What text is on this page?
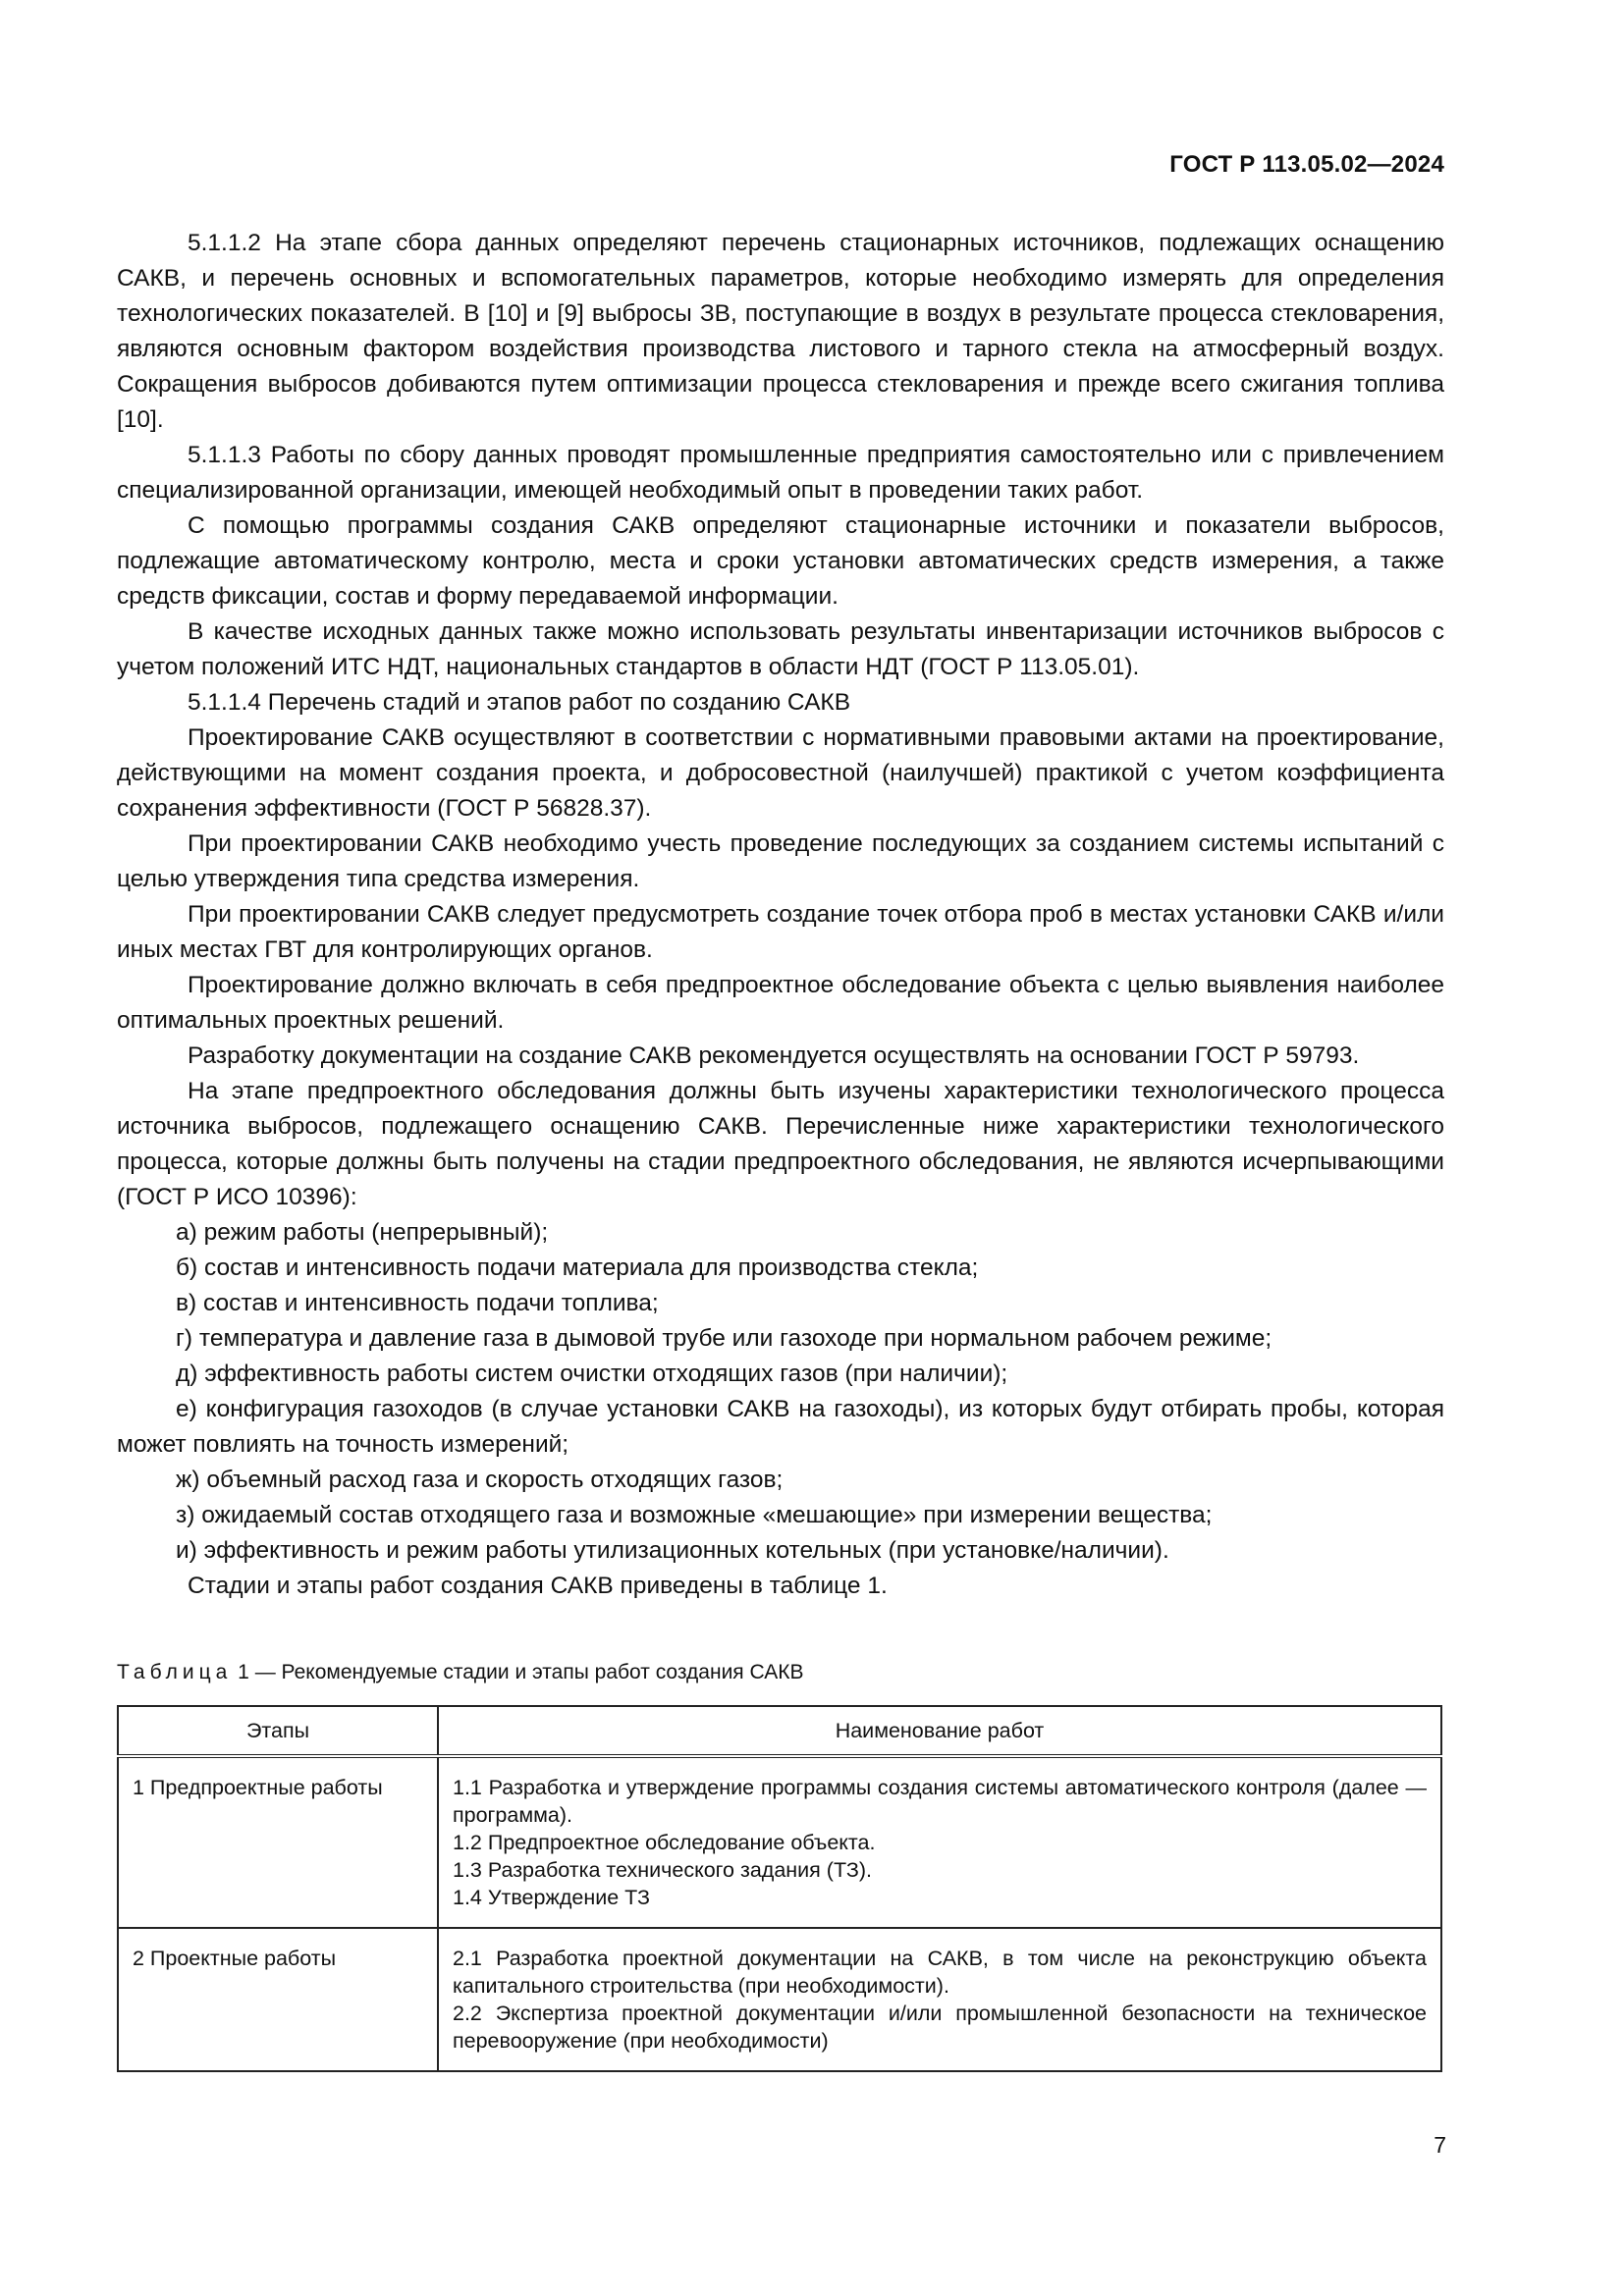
ГОСТ Р 113.05.02—2024

5.1.1.2 На этапе сбора данных определяют перечень стационарных источников, подлежащих оснащению САКВ, и перечень основных и вспомогательных параметров, которые необходимо измерять для определения технологических показателей. В [10] и [9] выбросы ЗВ, поступающие в воздух в результате процесса стекловарения, являются основным фактором воздействия производства листового и тарного стекла на атмосферный воздух. Сокращения выбросов добиваются путем оптимизации процесса стекловарения и прежде всего сжигания топлива [10].

5.1.1.3 Работы по сбору данных проводят промышленные предприятия самостоятельно или с привлечением специализированной организации, имеющей необходимый опыт в проведении таких работ.

С помощью программы создания САКВ определяют стационарные источники и показатели выбросов, подлежащие автоматическому контролю, места и сроки установки автоматических средств измерения, а также средств фиксации, состав и форму передаваемой информации.

В качестве исходных данных также можно использовать результаты инвентаризации источников выбросов с учетом положений ИТС НДТ, национальных стандартов в области НДТ (ГОСТ Р 113.05.01).

5.1.1.4 Перечень стадий и этапов работ по созданию САКВ

Проектирование САКВ осуществляют в соответствии с нормативными правовыми актами на проектирование, действующими на момент создания проекта, и добросовестной (наилучшей) практикой с учетом коэффициента сохранения эффективности (ГОСТ Р 56828.37).

При проектировании САКВ необходимо учесть проведение последующих за созданием системы испытаний с целью утверждения типа средства измерения.

При проектировании САКВ следует предусмотреть создание точек отбора проб в местах установки САКВ и/или иных местах ГВТ для контролирующих органов.

Проектирование должно включать в себя предпроектное обследование объекта с целью выявления наиболее оптимальных проектных решений.

Разработку документации на создание САКВ рекомендуется осуществлять на основании ГОСТ Р 59793.

На этапе предпроектного обследования должны быть изучены характеристики технологического процесса источника выбросов, подлежащего оснащению САКВ. Перечисленные ниже характеристики технологического процесса, которые должны быть получены на стадии предпроектного обследования, не являются исчерпывающими (ГОСТ Р ИСО 10396):

а) режим работы (непрерывный);

б) состав и интенсивность подачи материала для производства стекла;

в) состав и интенсивность подачи топлива;

г) температура и давление газа в дымовой трубе или газоходе при нормальном рабочем режиме;

д) эффективность работы систем очистки отходящих газов (при наличии);

е) конфигурация газоходов (в случае установки САКВ на газоходы), из которых будут отбирать пробы, которая может повлиять на точность измерений;

ж) объемный расход газа и скорость отходящих газов;

з) ожидаемый состав отходящего газа и возможные «мешающие» при измерении вещества;

и) эффективность и режим работы утилизационных котельных (при установке/наличии).

Стадии и этапы работ создания САКВ приведены в таблице 1.

Таблица 1 — Рекомендуемые стадии и этапы работ создания САКВ
Этапы	Наименование работ
1 Предпроектные работы	1.1 Разработка и утверждение программы создания системы автоматического контроля (далее — программа).
1.2 Предпроектное обследование объекта.
1.3 Разработка технического задания (ТЗ).
1.4 Утверждение ТЗ

2 Проектные работы	2.1 Разработка проектной документации на САКВ, в том числе на реконструкцию объекта капитального строительства (при необходимости).
2.2 Экспертиза проектной документации и/или промышленной безопасности на техническое перевооружение (при необходимости)
7
